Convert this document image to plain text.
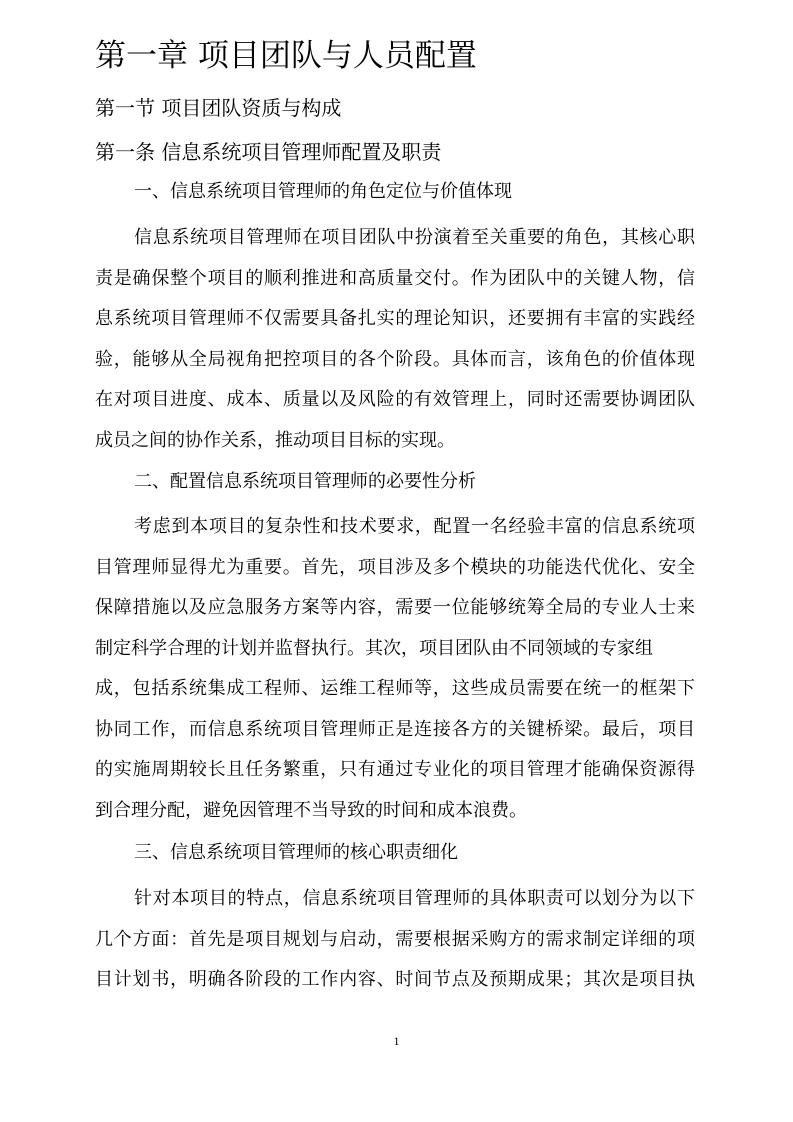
第一章 项目团队与人员配置
第一节 项目团队资质与构成
第一条 信息系统项目管理师配置及职责
一、信息系统项目管理师的角色定位与价值体现
信息系统项目管理师在项目团队中扮演着至关重要的角色，其核心职
责是确保整个项目的顺利推进和高质量交付。作为团队中的关键人物，信
息系统项目管理师不仅需要具备扎实的理论知识，还要拥有丰富的实践经
验，能够从全局视角把控项目的各个阶段。具体而言，该角色的价值体现
在对项目进度、成本、质量以及风险的有效管理上，同时还需要协调团队
成员之间的协作关系，推动项目目标的实现。
二、配置信息系统项目管理师的必要性分析
考虑到本项目的复杂性和技术要求，配置一名经验丰富的信息系统项
目管理师显得尤为重要。首先，项目涉及多个模块的功能迭代优化、安全
保障措施以及应急服务方案等内容，需要一位能够统筹全局的专业人士来
制定科学合理的计划并监督执行。其次，项目团队由不同领域的专家组
成，包括系统集成工程师、运维工程师等，这些成员需要在统一的框架下
协同工作，而信息系统项目管理师正是连接各方的关键桥梁。最后，项目
的实施周期较长且任务繁重，只有通过专业化的项目管理才能确保资源得
到合理分配，避免因管理不当导致的时间和成本浪费。
三、信息系统项目管理师的核心职责细化
针对本项目的特点，信息系统项目管理师的具体职责可以划分为以下
几个方面：首先是项目规划与启动，需要根据采购方的需求制定详细的项
目计划书，明确各阶段的工作内容、时间节点及预期成果；其次是项目执
1
